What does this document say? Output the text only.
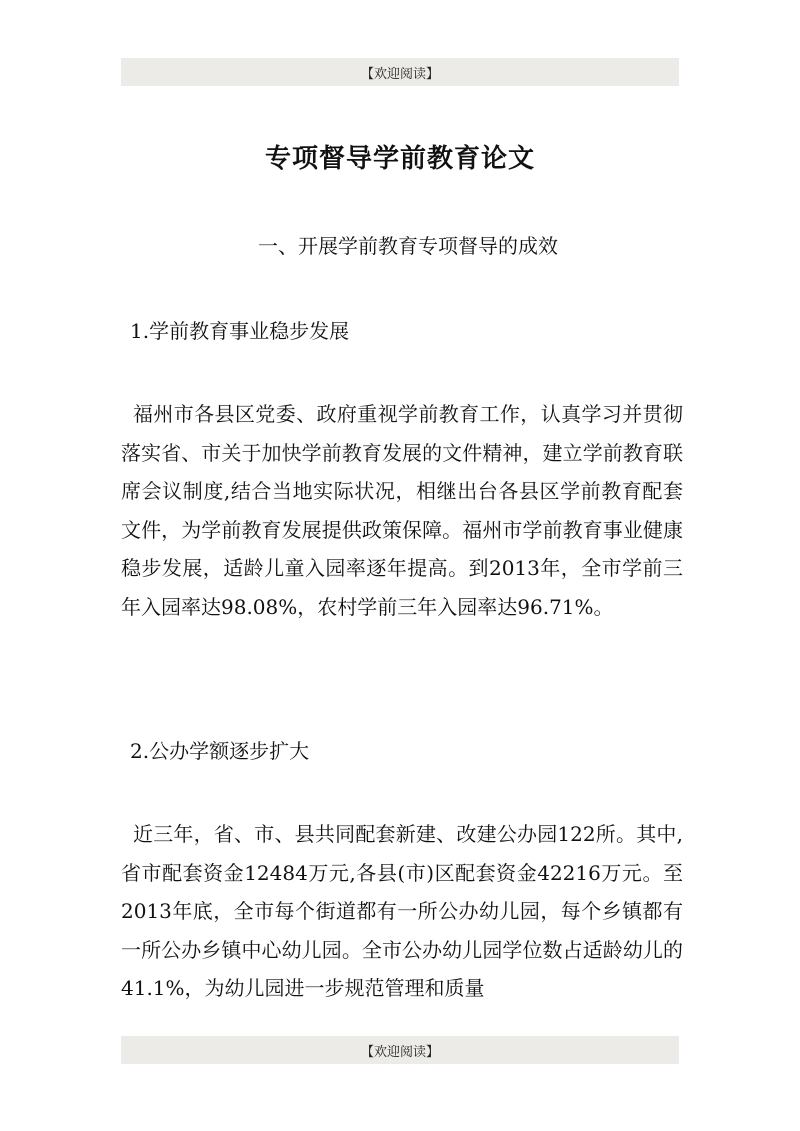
【欢迎阅读】
专项督导学前教育论文
一、开展学前教育专项督导的成效
1.学前教育事业稳步发展

福州市各县区党委、政府重视学前教育工作，认真学习并贯彻落实省、市关于加快学前教育发展的文件精神，建立学前教育联席会议制度,结合当地实际状况，相继出台各县区学前教育配套文件，为学前教育发展提供政策保障。福州市学前教育事业健康稳步发展，适龄儿童入园率逐年提高。到2013年，全市学前三年入园率达98.08%，农村学前三年入园率达96.71%。

2.公办学额逐步扩大

近三年，省、市、县共同配套新建、改建公办园122所。其中,省市配套资金12484万元,各县(市)区配套资金42216万元。至2013年底，全市每个街道都有一所公办幼儿园，每个乡镇都有一所公办乡镇中心幼儿园。全市公办幼儿园学位数占适龄幼儿的41.1%，为幼儿园进一步规范管理和质量

【欢迎阅读】
